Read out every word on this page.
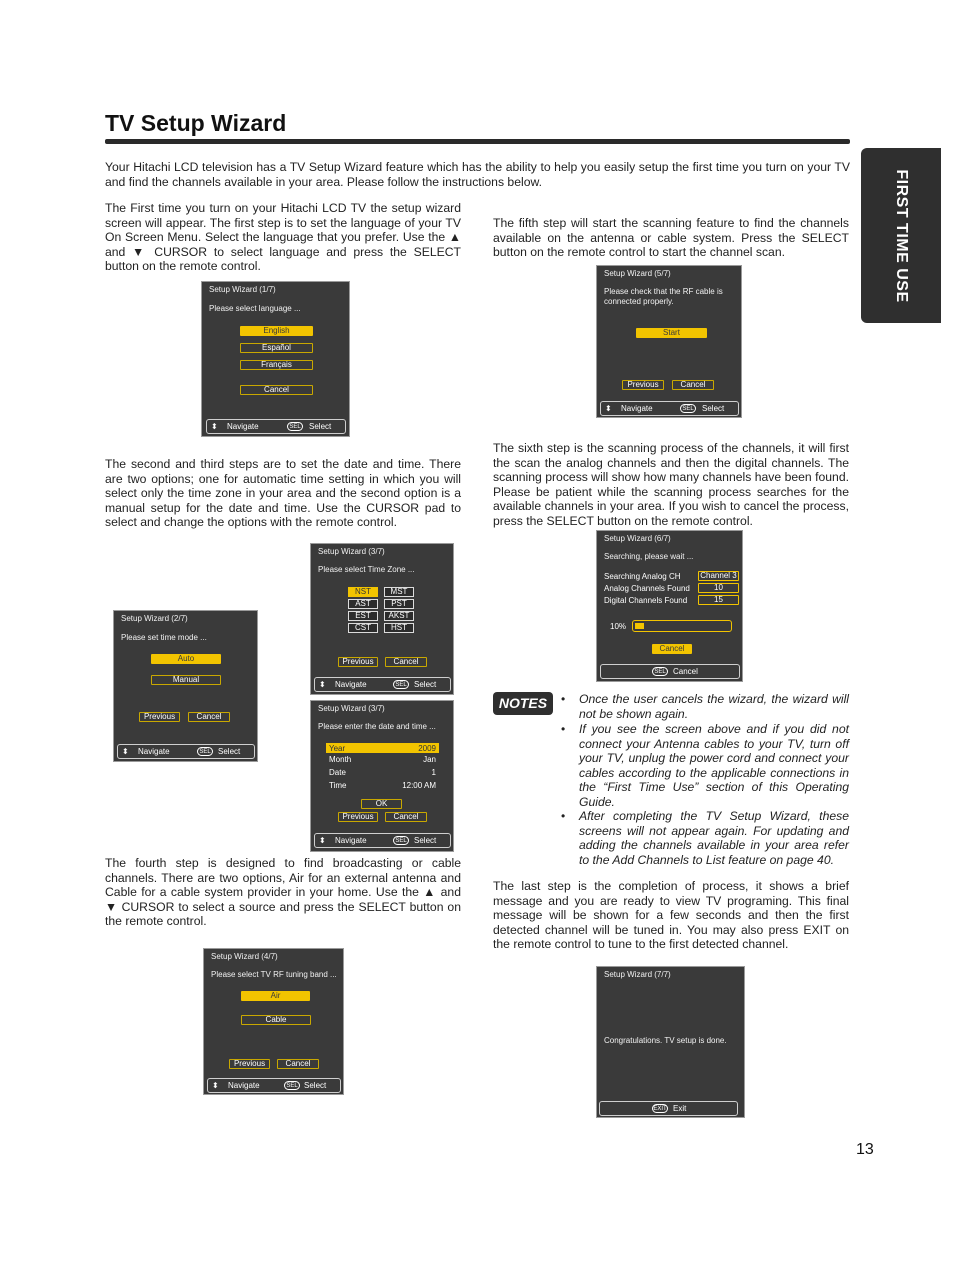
TV Setup Wizard
FIRST TIME USE
Your Hitachi LCD television has a TV Setup Wizard feature which has the ability to help you easily setup the first time you turn on your TV and find the channels available in your area. Please follow the instructions below.
The First time you turn on your Hitachi LCD TV the setup wizard screen will appear. The first step is to set the language of your TV On Screen Menu. Select the language that you prefer. Use the ▲ and ▼ CURSOR to select language and press the SELECT button on the remote control.
The second and third steps are to set the date and time. There are two options; one for automatic time setting in which you will select only the time zone in your area and the second option is a manual setup for the date and time. Use the CURSOR pad to select and change the options with the remote control.
The fourth step is designed to find broadcasting or cable channels. There are two options, Air for an external antenna and Cable for a cable system provider in your home. Use the ▲ and ▼ CURSOR to select a source and press the SELECT button on the remote control.
The fifth step will start the scanning feature to find the channels available on the antenna or cable system. Press the SELECT button on the remote control to start the channel scan.
The sixth step is the scanning process of the channels, it will first the scan the analog channels and then the digital channels. The scanning process will show how many channels have been found. Please be patient while the scanning process searches for the available channels in your area. If you wish to cancel the process, press the SELECT button on the remote control.
The last step is the completion of process, it shows a brief message and you are ready to view TV programing. This final message will be shown for a few seconds and then the first detected channel will be tuned in. You may also press EXIT on the remote control to tune to the first detected channel.
Setup Wizard (1/7)
Please select language ...
English
Español
Français
Cancel
⬍ Navigate	SEL Select
Setup Wizard (2/7)
Please set time mode ...
Auto
Manual
Previous	Cancel
⬍ Navigate	SEL Select
Setup Wizard (3/7)
Please select Time Zone ...
NST	MST
AST	PST
EST	AKST
CST	HST
Previous	Cancel
⬍ Navigate	SEL Select
Setup Wizard (3/7)
Please enter the date and time ...
Year	2009
Month	Jan
Date	1
Time	12:00 AM
OK
Previous	Cancel
⬍ Navigate	SEL Select
Setup Wizard (4/7)
Please select TV RF tuning band ...
Air
Cable
Previous	Cancel
⬍ Navigate	SEL Select
Setup Wizard (5/7)
Please check that the RF cable is
connected properly.
Start
Previous	Cancel
⬍ Navigate	SEL Select
Setup Wizard (6/7)
Searching, please wait ...
Searching Analog CH Channel 3
Analog Channels Found	10
Digital Channels Found	15
10%
Cancel
SEL Cancel
Setup Wizard (7/7)
Congratulations. TV setup is done.
EXIT Exit
NOTES	• Once the user cancels the wizard, the wizard will not be shown again.
• If you see the screen above and if you did not connect your Antenna cables to your TV, turn off your TV, unplug the power cord and connect your cables according to the applicable connections in the “First Time Use” section of this Operating Guide.
• After completing the TV Setup Wizard, these screens will not appear again. For updating and adding the channels available in your area refer to the Add Channels to List feature on page 40.
13
